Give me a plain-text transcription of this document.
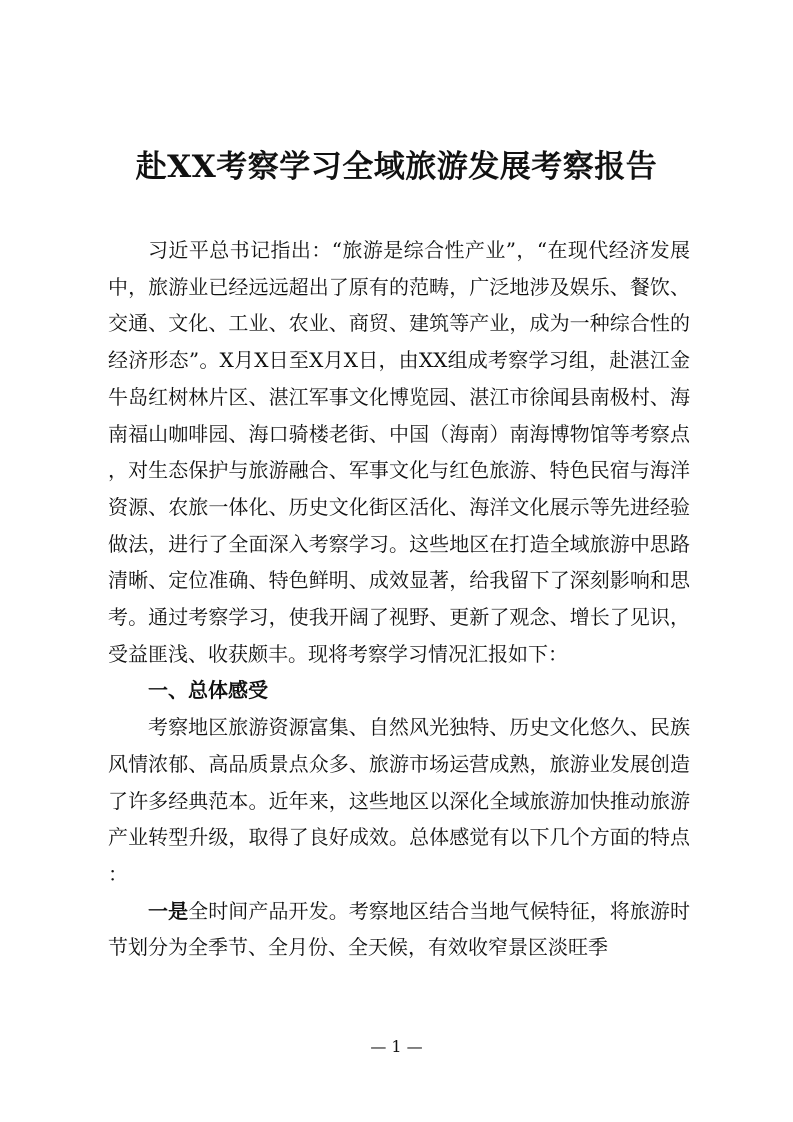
赴XX考察学习全域旅游发展考察报告

习近平总书记指出：“旅游是综合性产业”，“在现代经济发展中，旅游业已经远远超出了原有的范畴，广泛地涉及娱乐、餐饮、交通、文化、工业、农业、商贸、建筑等产业，成为一种综合性的经济形态”。X月X日至X月X日，由XX组成考察学习组，赴湛江金牛岛红树林片区、湛江军事文化博览园、湛江市徐闻县南极村、海南福山咖啡园、海口骑楼老街、中国（海南）南海博物馆等考察点，对生态保护与旅游融合、军事文化与红色旅游、特色民宿与海洋资源、农旅一体化、历史文化街区活化、海洋文化展示等先进经验做法，进行了全面深入考察学习。这些地区在打造全域旅游中思路清晰、定位准确、特色鲜明、成效显著，给我留下了深刻影响和思考。通过考察学习，使我开阔了视野、更新了观念、增长了见识，受益匪浅、收获颇丰。现将考察学习情况汇报如下：

一、总体感受

考察地区旅游资源富集、自然风光独特、历史文化悠久、民族风情浓郁、高品质景点众多、旅游市场运营成熟，旅游业发展创造了许多经典范本。近年来，这些地区以深化全域旅游加快推动旅游产业转型升级，取得了良好成效。总体感觉有以下几个方面的特点：

一是全时间产品开发。考察地区结合当地气候特征，将旅游时节划分为全季节、全月份、全天候，有效收窄景区淡旺季

— 1 —
